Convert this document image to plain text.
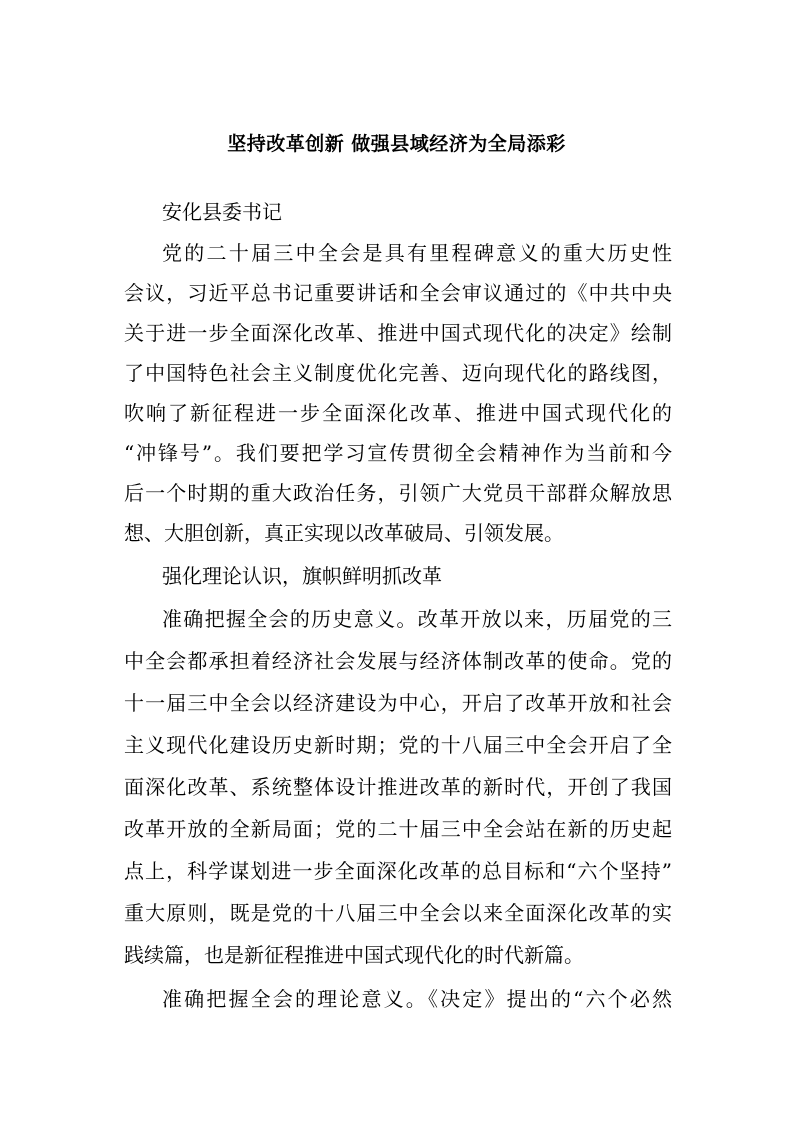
坚持改革创新 做强县域经济为全局添彩
安化县委书记
党的二十届三中全会是具有里程碑意义的重大历史性
会议，习近平总书记重要讲话和全会审议通过的《中共中央
关于进一步全面深化改革、推进中国式现代化的决定》绘制
了中国特色社会主义制度优化完善、迈向现代化的路线图，
吹响了新征程进一步全面深化改革、推进中国式现代化的
“冲锋号”。我们要把学习宣传贯彻全会精神作为当前和今
后一个时期的重大政治任务，引领广大党员干部群众解放思
想、大胆创新，真正实现以改革破局、引领发展。
强化理论认识，旗帜鲜明抓改革
准确把握全会的历史意义。改革开放以来，历届党的三
中全会都承担着经济社会发展与经济体制改革的使命。党的
十一届三中全会以经济建设为中心，开启了改革开放和社会
主义现代化建设历史新时期；党的十八届三中全会开启了全
面深化改革、系统整体设计推进改革的新时代，开创了我国
改革开放的全新局面；党的二十届三中全会站在新的历史起
点上，科学谋划进一步全面深化改革的总目标和“六个坚持”
重大原则，既是党的十八届三中全会以来全面深化改革的实
践续篇，也是新征程推进中国式现代化的时代新篇。
准确把握全会的理论意义。《决定》提出的“六个必然
